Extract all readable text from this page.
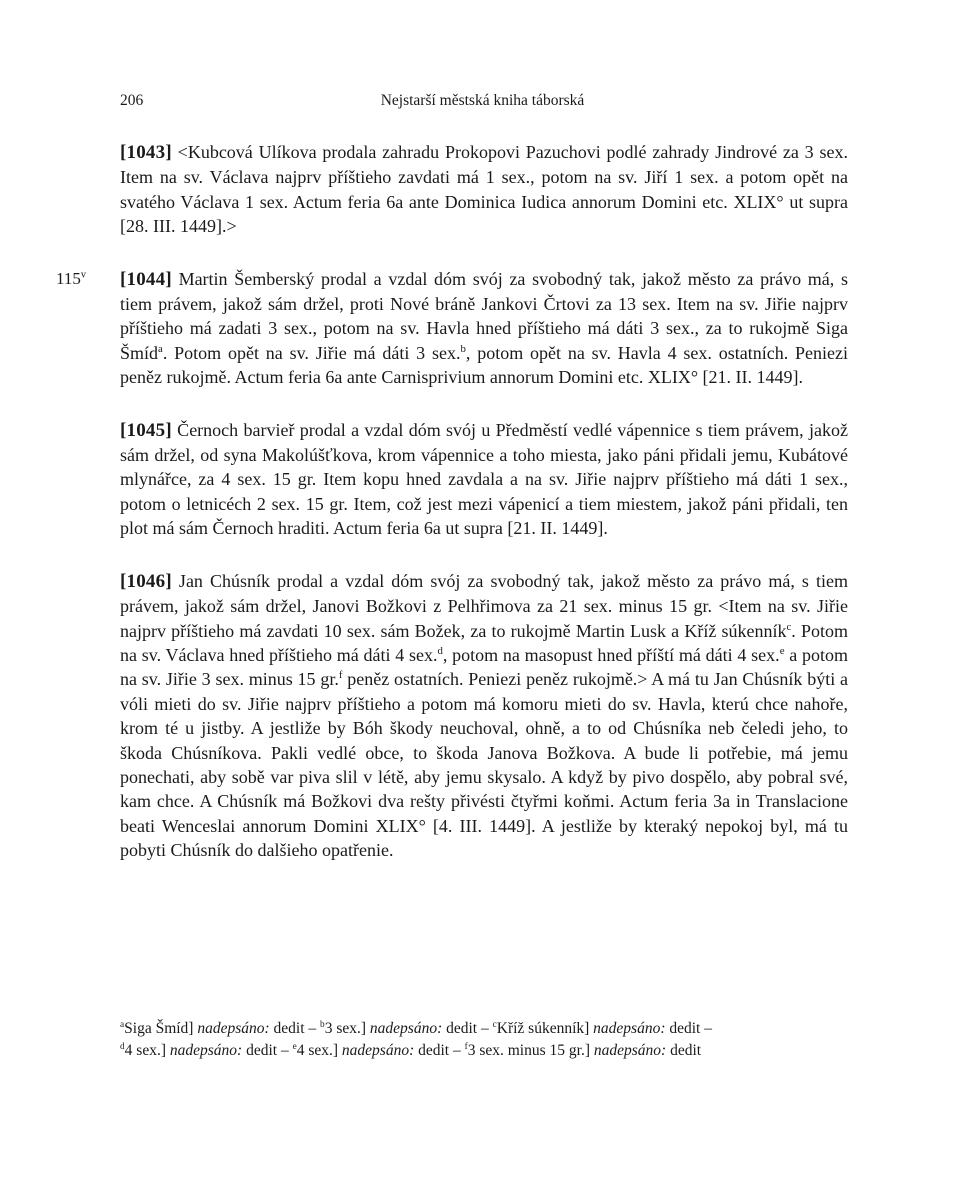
206	Nejstarší městská kniha táborská

[1043] <Kubcová Ulíkova prodala zahradu Prokopovi Pazuchovi podlé zahrady Jindrové za 3 sex. Item na sv. Václava najprv příštieho zavdati má 1 sex., potom na sv. Jiří 1 sex. a potom opět na svatého Václava 1 sex. Actum feria 6a ante Dominica Iudica annorum Domini etc. XLIX° ut supra [28. III. 1449].>

115$^v$ [1044] Martin Šemberský prodal a vzdal dóm svój za svobodný tak, jakož město za právo má, s tiem právem, jakož sám držel, proti Nové bráně Jankovi Črtovi za 13 sex. Item na sv. Jiřie najprv příštieho má zadati 3 sex., potom na sv. Havla hned příštieho má dáti 3 sex., za to rukojmě Siga Šmíd$^a$. Potom opět na sv. Jiřie má dáti 3 sex.$^b$, potom opět na sv. Havla 4 sex. ostatních. Peniezi peněz rukojmě. Actum feria 6a ante Carnisprivium annorum Domini etc. XLIX° [21. II. 1449].

[1045] Černoch barvieř prodal a vzdal dóm svój u Předměstí vedlé vápennice s tiem právem, jakož sám držel, od syna Makolúšťkova, krom vápennice a toho miesta, jako páni přidali jemu, Kubátové mlynářce, za 4 sex. 15 gr. Item kopu hned zavdala a na sv. Jiřie najprv příštieho má dáti 1 sex., potom o letnicéch 2 sex. 15 gr. Item, což jest mezi vápenicí a tiem miestem, jakož páni přidali, ten plot má sám Černoch hraditi. Actum feria 6a ut supra [21. II. 1449].

[1046] Jan Chúsník prodal a vzdal dóm svój za svobodný tak, jakož město za právo má, s tiem právem, jakož sám držel, Janovi Božkovi z Pelhřimova za 21 sex. minus 15 gr. <Item na sv. Jiřie najprv příštieho má zavdati 10 sex. sám Božek, za to rukojmě Martin Lusk a Kříž súkenník$^c$. Potom na sv. Václava hned příštieho má dáti 4 sex.$^d$, potom na masopust hned příští má dáti 4 sex.$^e$ a potom na sv. Jiřie 3 sex. minus 15 gr.$^f$ peněz ostatních. Peniezi peněz rukojmě.> A má tu Jan Chúsník býti a vóli mieti do sv. Jiřie najprv příštieho a potom má komoru mieti do sv. Havla, kterú chce nahoře, krom té u jistby. A jestliže by Bóh škody neuchoval, ohně, a to od Chúsníka neb čeledi jeho, to škoda Chúsníkova. Pakli vedlé obce, to škoda Janova Božkova. A bude li potřebie, má jemu ponechati, aby sobě var piva slil v létě, aby jemu skysalo. A když by pivo dospělo, aby pobral své, kam chce. A Chúsník má Božkovi dva rešty přivésti čtyřmi koňmi. Actum feria 3a in Translacione beati Wenceslai annorum Domini XLIX° [4. III. 1449]. A jestliže by kteraký nepokoj byl, má tu pobyti Chúsník do dalšieho opatřenie.

$^a$Siga Šmíd] nadepsáno: dedit – $^b$3 sex.] nadepsáno: dedit – $^c$Kříž súkenník] nadepsáno: dedit –
$^d$4 sex.] nadepsáno: dedit – $^e$4 sex.] nadepsáno: dedit – $^f$3 sex. minus 15 gr.] nadepsáno: dedit
